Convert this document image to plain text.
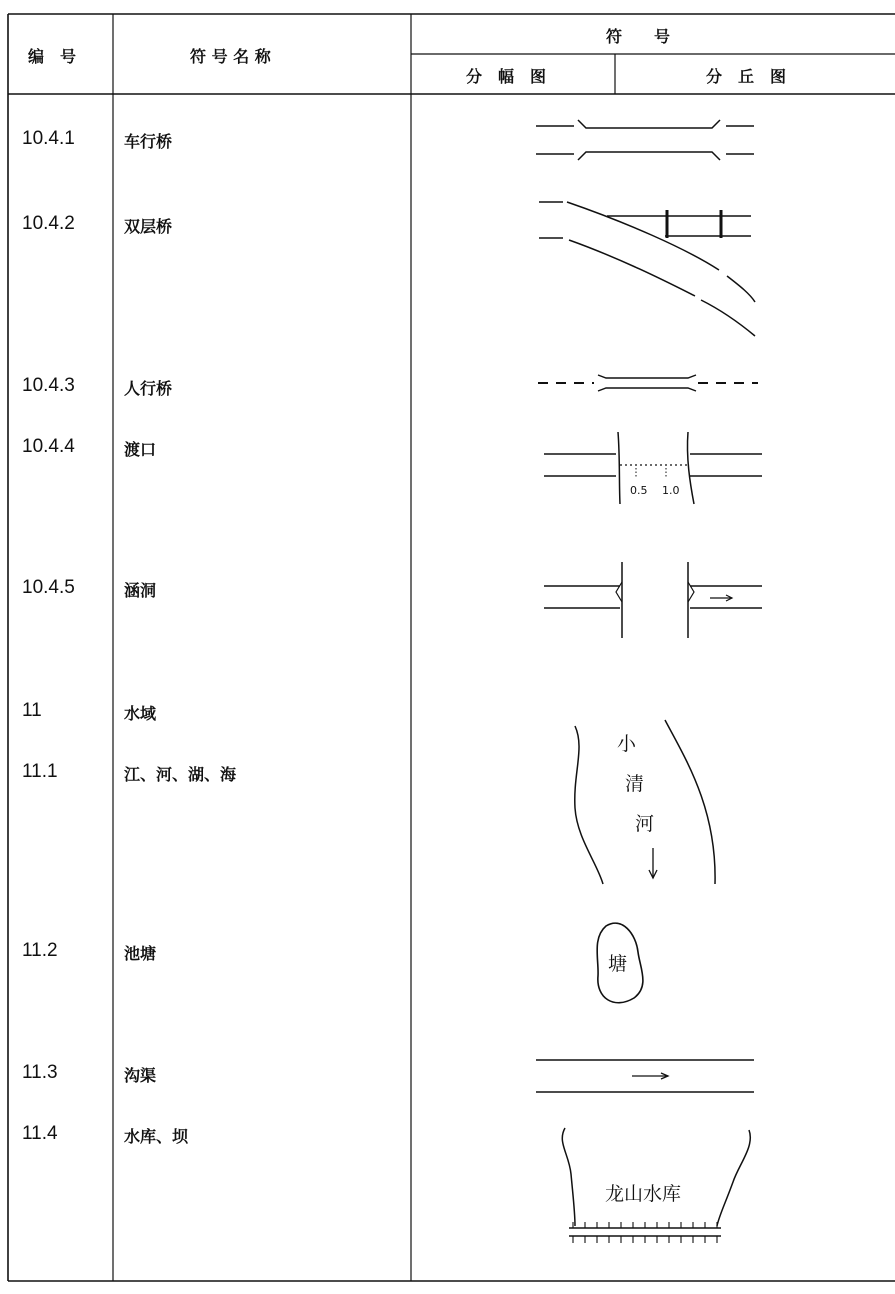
编　号	符 号 名 称
符　　号
分　幅　图	分　丘　图
10.4.1
10.4.2
10.4.3
10.4.4
10.4.5
11
11.1
11.2
11.3
11.4
车行桥
双层桥
人行桥
渡口
涵洞
水域
江、河、湖、海
池塘
沟渠
水库、坝
0.5 1.0
小
清
河
塘
龙山水库
